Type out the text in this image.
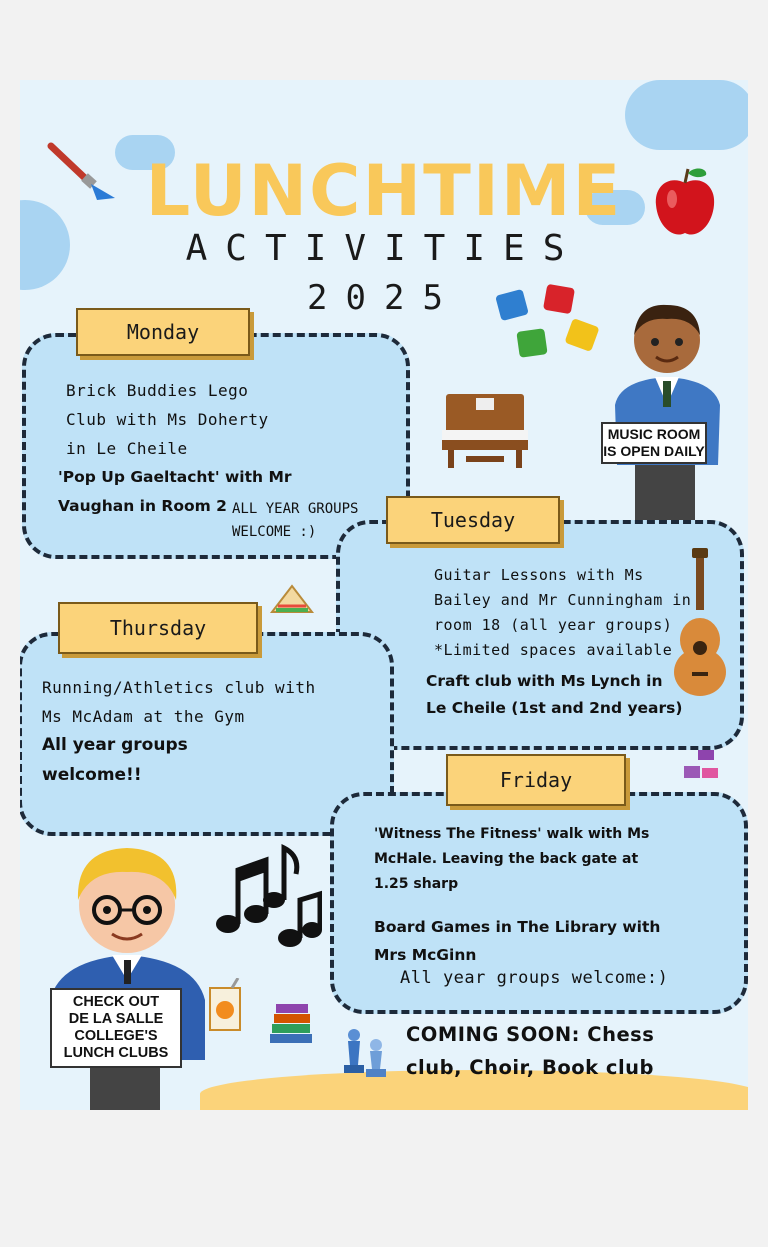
LUNCHTIME
ACTIVITIES
2025
MUSIC ROOM
IS OPEN DAILY
Monday
Brick Buddies Lego
Club with Ms Doherty
in Le Cheile
'Pop Up Gaeltacht' with Mr
Vaughan in Room 2 ALL YEAR GROUPS
WELCOME :)	Tuesday
Guitar Lessons with Ms
Bailey and Mr Cunningham in
room 18 (all year groups)
*Limited spaces available
Craft club with Ms Lynch in
Le Cheile (1st and 2nd years)
Thursday
Running/Athletics club with
Ms McAdam at the Gym
All year groups
welcome!!	Friday
'Witness The Fitness' walk with Ms
McHale. Leaving the back gate at
1.25 sharp
Board Games in The Library with
Mrs McGinn
All year groups welcome:)
CHECK OUT
DE LA SALLE
COLLEGE'S
LUNCH CLUBS
COMING SOON: Chess
club, Choir, Book club
